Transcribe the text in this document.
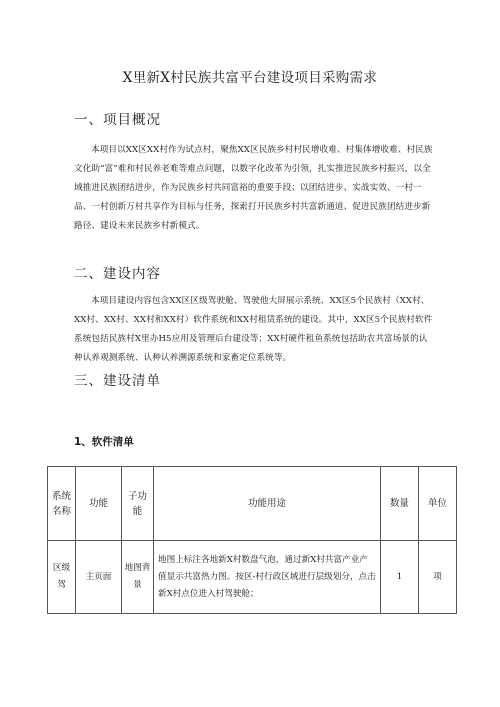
X里新X村民族共富平台建设项目采购需求
一、项目概况

本项目以XX区XX村作为试点村，聚焦XX区民族乡村村民增收难、村集体增收难、村民族文化助“富”难和村民养老难等难点问题，以数字化改革为引领，扎实推进民族乡村振兴，以全域推进民族团结进步，作为民族乡村共同富裕的重要手段；以团结进步、实战实效、一村一品、一村创新万村共享作为目标与任务，探索打开民族乡村共富新通道、促进民族团结进步新路径、建设未来民族乡村新模式。

二、建设内容

本项目建设内容包含XX区区级驾驶舱、驾驶他大屏展示系统、XX区5个民族村（XX村、XX村、XX村、XX村和XX村）软件系统和XX村租赁系统的建设。其中，XX区5个民族村软件系统包括民族村X里办H5应用及管理后台建设等；XX村硬件租鱼系统包括助农共富场景的认种认养观测系统、认种认养溯源系统和家畜定位系统等。

三、建设清单
1、软件清单
系统名称	功能	子功能	功能用途	数量	单位
区级驾	主页面	地图背景	地图上标注各地新X村数盘气泡，通过新X村共富产业产值显示共富热力图。按区-村行政区域进行层级划分，点击新X村点位进入村驾驶舱；	1	项
